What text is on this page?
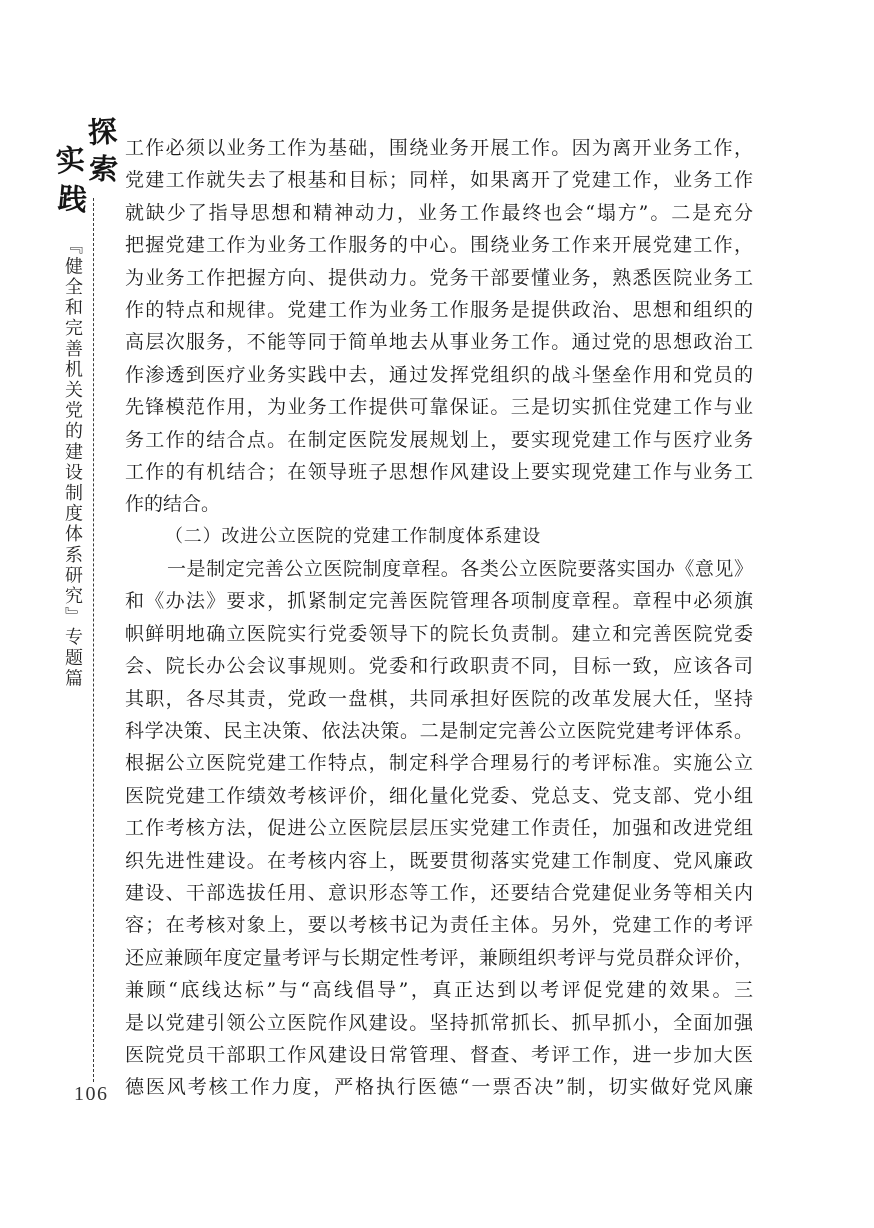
探
索
实
践
『健全和完善机关党的建设制度体系研究』专题篇
106
工作必须以业务工作为基础，围绕业务开展工作。因为离开业务工作，
党建工作就失去了根基和目标；同样，如果离开了党建工作，业务工作
就缺少了指导思想和精神动力，业务工作最终也会“塌方”。二是充分
把握党建工作为业务工作服务的中心。围绕业务工作来开展党建工作，
为业务工作把握方向、提供动力。党务干部要懂业务，熟悉医院业务工
作的特点和规律。党建工作为业务工作服务是提供政治、思想和组织的
高层次服务，不能等同于简单地去从事业务工作。通过党的思想政治工
作渗透到医疗业务实践中去，通过发挥党组织的战斗堡垒作用和党员的
先锋模范作用，为业务工作提供可靠保证。三是切实抓住党建工作与业
务工作的结合点。在制定医院发展规划上，要实现党建工作与医疗业务
工作的有机结合；在领导班子思想作风建设上要实现党建工作与业务工
作的结合。
（二）改进公立医院的党建工作制度体系建设
一是制定完善公立医院制度章程。各类公立医院要落实国办《意见》
和《办法》要求，抓紧制定完善医院管理各项制度章程。章程中必须旗
帜鲜明地确立医院实行党委领导下的院长负责制。建立和完善医院党委
会、院长办公会议事规则。党委和行政职责不同，目标一致，应该各司
其职，各尽其责，党政一盘棋，共同承担好医院的改革发展大任，坚持
科学决策、民主决策、依法决策。二是制定完善公立医院党建考评体系。
根据公立医院党建工作特点，制定科学合理易行的考评标准。实施公立
医院党建工作绩效考核评价，细化量化党委、党总支、党支部、党小组
工作考核方法，促进公立医院层层压实党建工作责任，加强和改进党组
织先进性建设。在考核内容上，既要贯彻落实党建工作制度、党风廉政
建设、干部选拔任用、意识形态等工作，还要结合党建促业务等相关内
容；在考核对象上，要以考核书记为责任主体。另外，党建工作的考评
还应兼顾年度定量考评与长期定性考评，兼顾组织考评与党员群众评价，
兼顾“底线达标”与“高线倡导”，真正达到以考评促党建的效果。三
是以党建引领公立医院作风建设。坚持抓常抓长、抓早抓小，全面加强
医院党员干部职工作风建设日常管理、督查、考评工作，进一步加大医
德医风考核工作力度，严格执行医德“一票否决”制，切实做好党风廉
